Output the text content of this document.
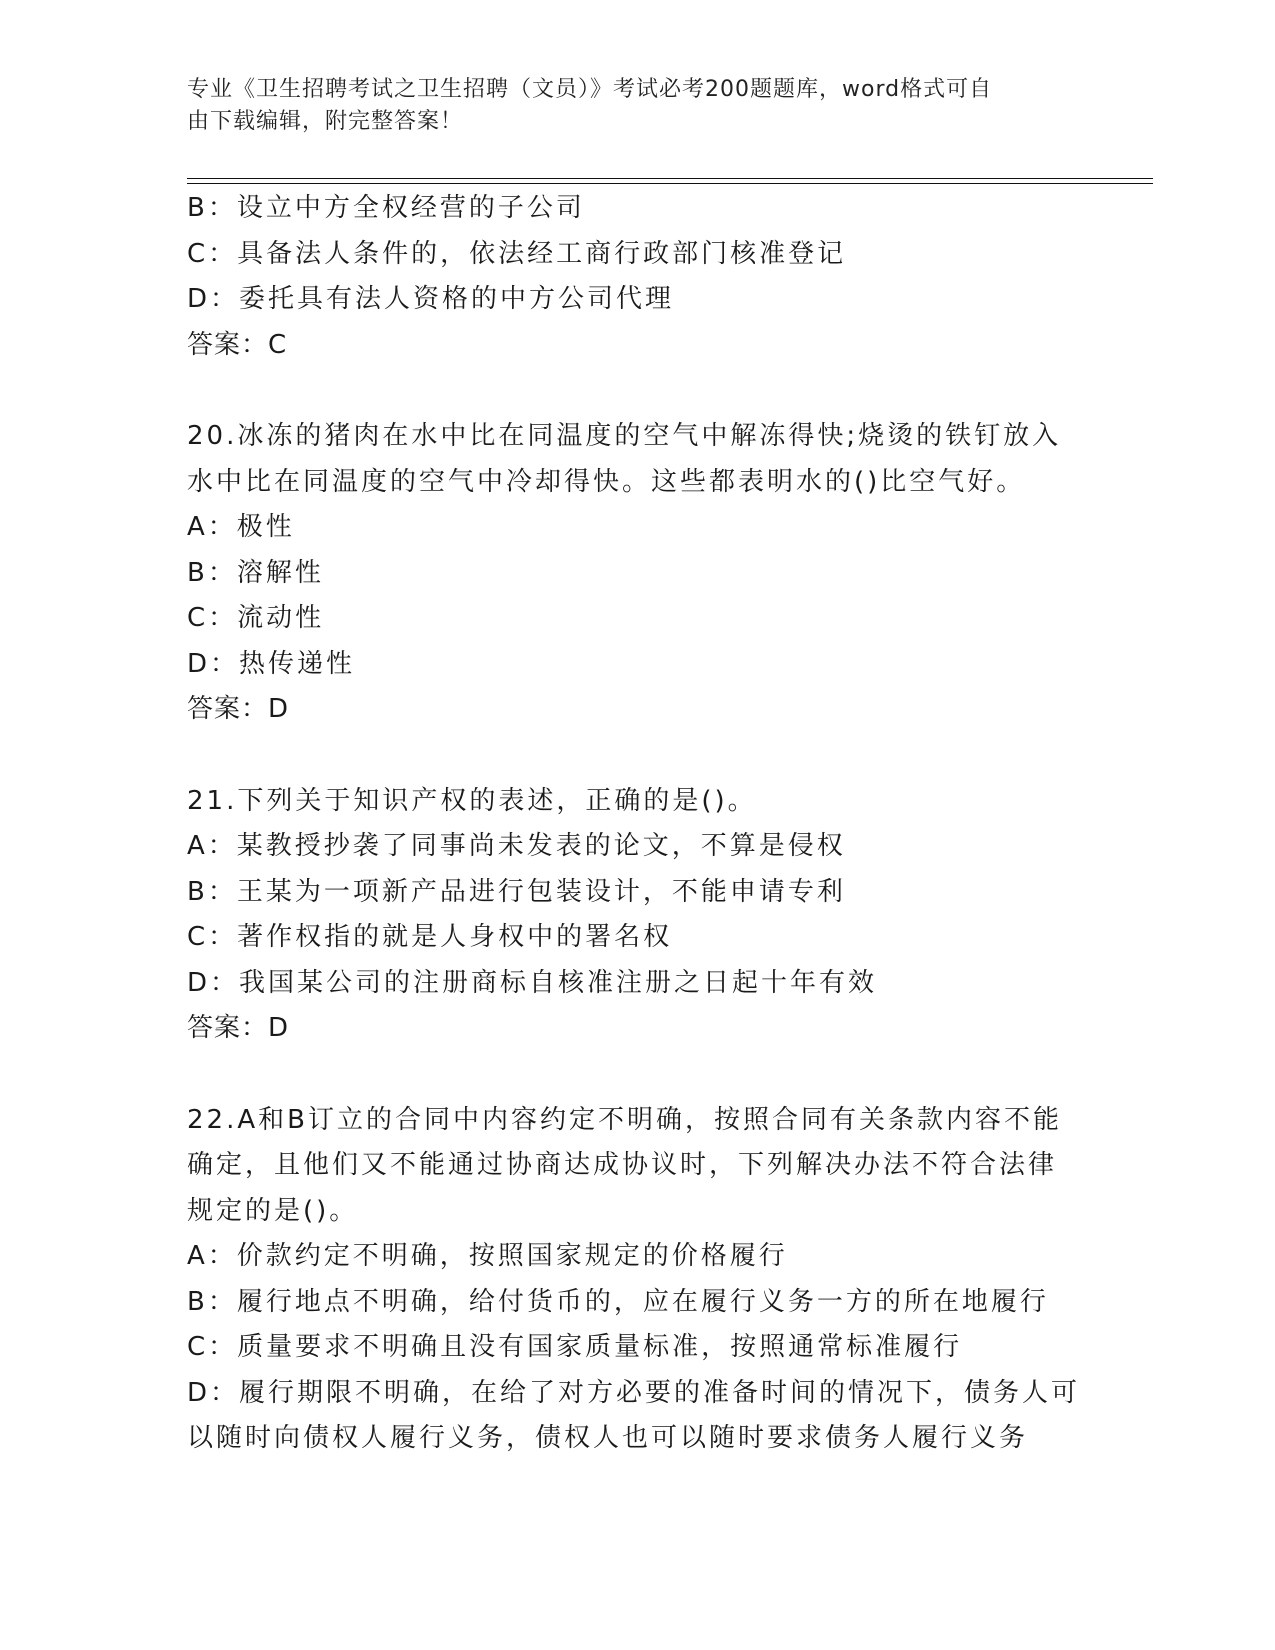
专业《卫生招聘考试之卫生招聘（文员）》考试必考200题题库，word格式可自
由下载编辑，附完整答案！
B：设立中方全权经营的子公司
C：具备法人条件的，依法经工商行政部门核准登记
D：委托具有法人资格的中方公司代理
答案：C
20.冰冻的猪肉在水中比在同温度的空气中解冻得快;烧烫的铁钉放入
水中比在同温度的空气中冷却得快。这些都表明水的()比空气好。
A：极性
B：溶解性
C：流动性
D：热传递性
答案：D
21.下列关于知识产权的表述，正确的是()。
A：某教授抄袭了同事尚未发表的论文，不算是侵权
B：王某为一项新产品进行包装设计，不能申请专利
C：著作权指的就是人身权中的署名权
D：我国某公司的注册商标自核准注册之日起十年有效
答案：D
22.A和B订立的合同中内容约定不明确，按照合同有关条款内容不能
确定，且他们又不能通过协商达成协议时，下列解决办法不符合法律
规定的是()。
A：价款约定不明确，按照国家规定的价格履行
B：履行地点不明确，给付货币的，应在履行义务一方的所在地履行
C：质量要求不明确且没有国家质量标准，按照通常标准履行
D：履行期限不明确，在给了对方必要的准备时间的情况下，债务人可
以随时向债权人履行义务，债权人也可以随时要求债务人履行义务
